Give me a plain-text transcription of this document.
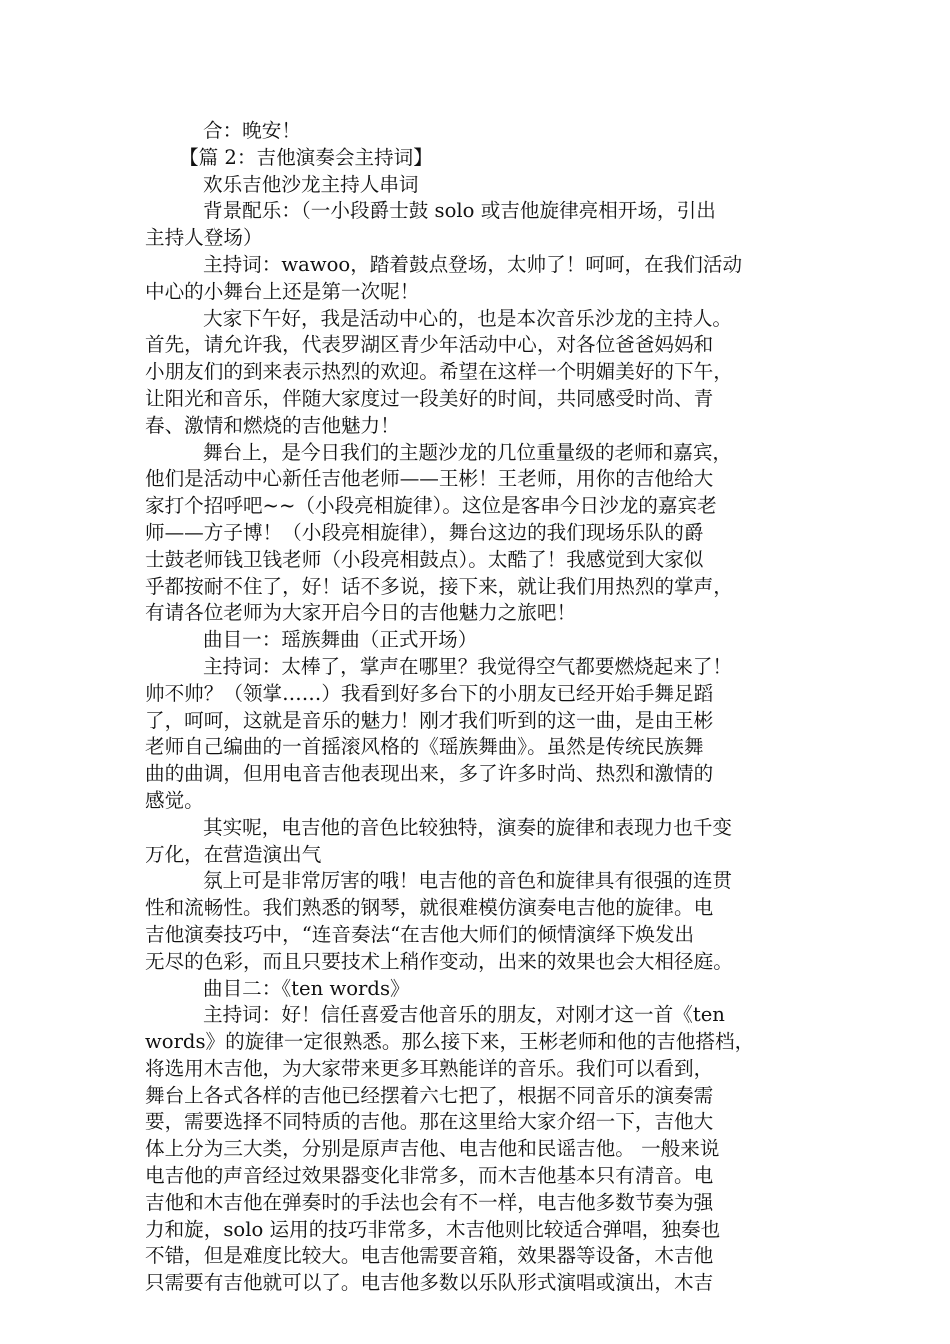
合：晚安！
【篇 2：吉他演奏会主持词】
欢乐吉他沙龙主持人串词
背景配乐：（一小段爵士鼓 solo 或吉他旋律亮相开场，引出
主持人登场）
主持词：wawoo，踏着鼓点登场，太帅了！呵呵，在我们活动
中心的小舞台上还是第一次呢！
大家下午好，我是活动中心的，也是本次音乐沙龙的主持人。
首先，请允许我，代表罗湖区青少年活动中心，对各位爸爸妈妈和
小朋友们的到来表示热烈的欢迎。希望在这样一个明媚美好的下午，
让阳光和音乐，伴随大家度过一段美好的时间，共同感受时尚、青
春、激情和燃烧的吉他魅力！
舞台上，是今日我们的主题沙龙的几位重量级的老师和嘉宾，
他们是活动中心新任吉他老师——王彬！王老师，用你的吉他给大
家打个招呼吧~~（小段亮相旋律）。这位是客串今日沙龙的嘉宾老
师——方子博！（小段亮相旋律），舞台这边的我们现场乐队的爵
士鼓老师钱卫钱老师（小段亮相鼓点）。太酷了！我感觉到大家似
乎都按耐不住了，好！话不多说，接下来，就让我们用热烈的掌声，
有请各位老师为大家开启今日的吉他魅力之旅吧！
曲目一：瑶族舞曲（正式开场）
主持词：太棒了，掌声在哪里？我觉得空气都要燃烧起来了！
帅不帅？（领掌……）我看到好多台下的小朋友已经开始手舞足蹈
了，呵呵，这就是音乐的魅力！刚才我们听到的这一曲，是由王彬
老师自己编曲的一首摇滚风格的《瑶族舞曲》。虽然是传统民族舞
曲的曲调，但用电音吉他表现出来，多了许多时尚、热烈和激情的
感觉。
其实呢，电吉他的音色比较独特，演奏的旋律和表现力也千变
万化，在营造演出气
氛上可是非常厉害的哦！电吉他的音色和旋律具有很强的连贯
性和流畅性。我们熟悉的钢琴，就很难模仿演奏电吉他的旋律。电
吉他演奏技巧中，“连音奏法“在吉他大师们的倾情演绎下焕发出
无尽的色彩，而且只要技术上稍作变动，出来的效果也会大相径庭。
曲目二：《ten words》
主持词：好！信任喜爱吉他音乐的朋友，对刚才这一首《ten
words》的旋律一定很熟悉。那么接下来，王彬老师和他的吉他搭档，
将选用木吉他，为大家带来更多耳熟能详的音乐。我们可以看到，
舞台上各式各样的吉他已经摆着六七把了，根据不同音乐的演奏需
要，需要选择不同特质的吉他。那在这里给大家介绍一下，吉他大
体上分为三大类，分别是原声吉他、电吉他和民谣吉他。 一般来说
电吉他的声音经过效果器变化非常多，而木吉他基本只有清音。电
吉他和木吉他在弹奏时的手法也会有不一样，电吉他多数节奏为强
力和旋，solo 运用的技巧非常多，木吉他则比较适合弹唱，独奏也
不错，但是难度比较大。电吉他需要音箱，效果器等设备，木吉他
只需要有吉他就可以了。电吉他多数以乐队形式演唱或演出，木吉
